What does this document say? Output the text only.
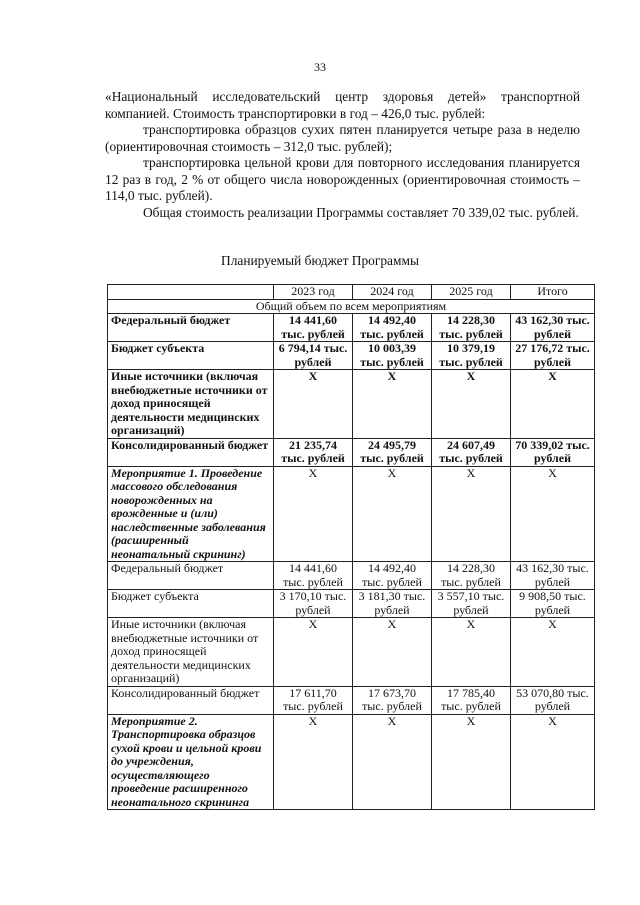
33
«Национальный исследовательский центр здоровья детей» транспортной компанией. Стоимость транспортировки в год – 426,0 тыс. рублей:
транспортировка образцов сухих пятен планируется четыре раза в неделю (ориентировочная стоимость – 312,0 тыс. рублей);
транспортировка цельной крови для повторного исследования планируется 12 раз в год, 2 % от общего числа новорожденных (ориентировочная стоимость – 114,0 тыс. рублей).
Общая стоимость реализации Программы составляет 70 339,02 тыс. рублей.
Планируемый бюджет Программы
	2023 год	2024 год	2025 год	Итого
Общий объем по всем мероприятиям				
Федеральный бюджет	14 441,60 тыс. рублей	14 492,40 тыс. рублей	14 228,30 тыс. рублей	43 162,30 тыс. рублей
Бюджет субъекта	6 794,14 тыс. рублей	10 003,39 тыс. рублей	10 379,19 тыс. рублей	27 176,72 тыс. рублей
Иные источники (включая внебюджетные источники от доход приносящей деятельности медицинских организаций)	Х	Х	Х	Х
Консолидированный бюджет	21 235,74 тыс. рублей	24 495,79 тыс. рублей	24 607,49 тыс. рублей	70 339,02 тыс. рублей
Мероприятие 1. Проведение массового обследования новорожденных на врожденные и (или) наследственные заболевания (расширенный неонатальный скрининг)	Х	Х	Х	Х
Федеральный бюджет	14 441,60 тыс. рублей	14 492,40 тыс. рублей	14 228,30 тыс. рублей	43 162,30 тыс. рублей
Бюджет субъекта	3 170,10 тыс. рублей	3 181,30 тыс. рублей	3 557,10 тыс. рублей	9 908,50 тыс. рублей
Иные источники (включая внебюджетные источники от доход приносящей деятельности медицинских организаций)	Х	Х	Х	Х
Консолидированный бюджет	17 611,70 тыс. рублей	17 673,70 тыс. рублей	17 785,40 тыс. рублей	53 070,80 тыс. рублей
Мероприятие 2. Транспортировка образцов сухой крови и цельной крови до учреждения, осуществляющего проведение расширенного неонатального скрининга	Х	Х	Х	Х
